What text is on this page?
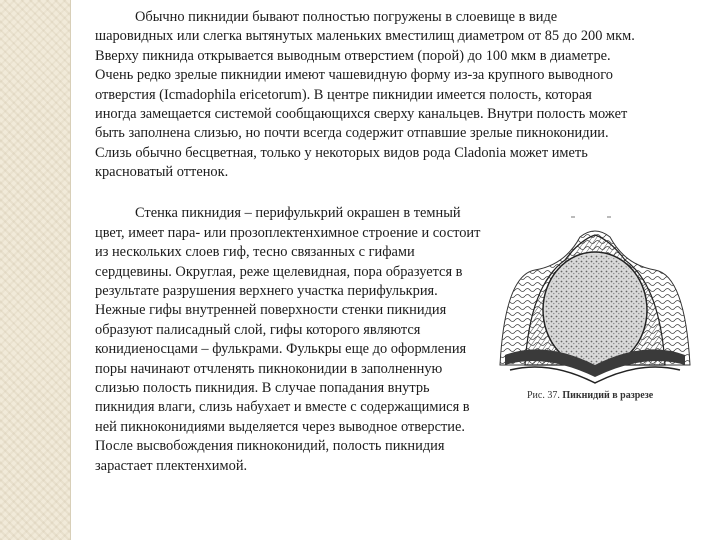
Обычно пикнидии бывают полностью погружены в слоевище в виде шаровидных или слегка вытянутых маленьких вместилищ диаметром от 85 до 200 мкм. Вверху пикнида открывается выводным отверстием (порой) до 100 мкм в диаметре. Очень редко зрелые пикнидии имеют чашевидную форму из-за крупного выводного отверстия (Icmadophila ericetorum). В центре пикнидии имеется полость, которая иногда замещается системой сообщающихся сверху канальцев. Внутри полость может быть заполнена слизью, но почти всегда содержит отпавшие зрелые пикноконидии. Слизь обычно бесцветная, только у некоторых видов рода Cladonia может иметь красноватый оттенок.

Стенка пикнидия – перифулькрий окрашен в темный цвет, имеет пара- или прозоплектенхимное строение и состоит из нескольких слоев гиф, тесно связанных с гифами сердцевины. Округлая, реже щелевидная, пора образуется в результате разрушения верхнего участка перифулькрия. Нежные гифы внутренней поверхности стенки пикнидия образуют палисадный слой, гифы которого являются конидиеносцами – фулькрами. Фулькры еще до оформления поры начинают отчленять пикноконидии в заполненную слизью полость пикнидия. В случае попадания внутрь пикнидия влаги, слизь набухает и вместе с содержащимися в ней пикноконидиями выделяется через выводное отверстие. После высвобождения пикноконидий, полость пикнидия зарастает плектенхимой.

Рис. 37. Пикнидий в разрезе
